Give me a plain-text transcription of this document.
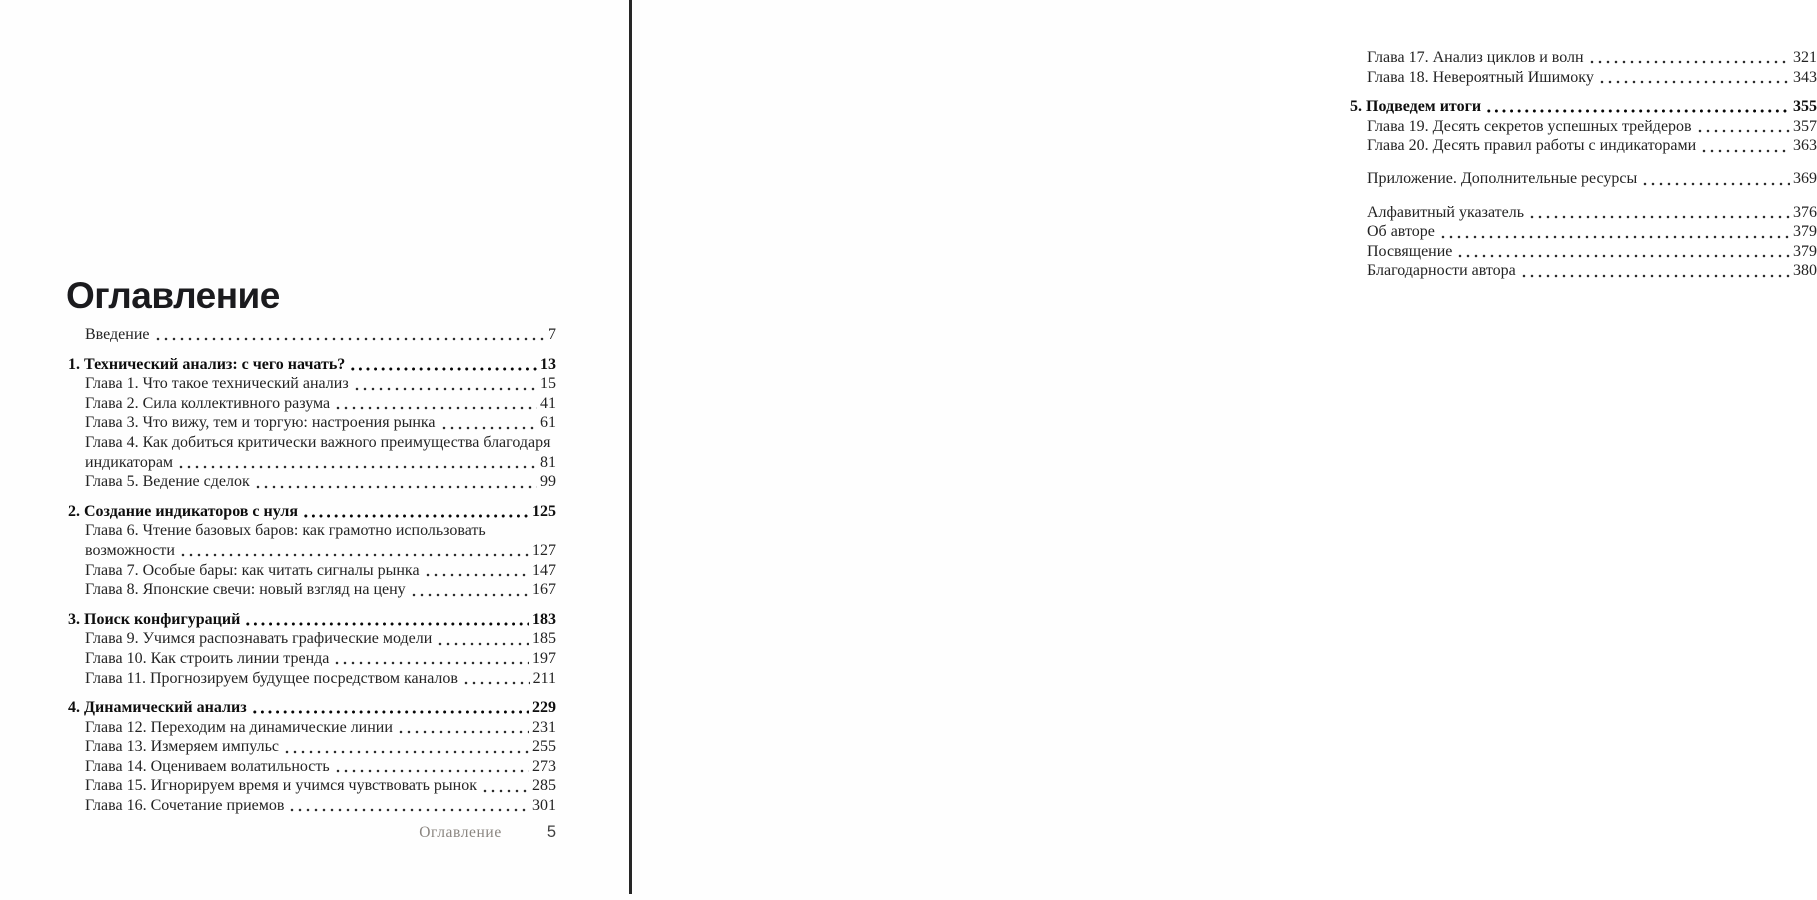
Оглавление
Введение	7
1. Технический анализ: с чего начать?	13
Глава 1. Что такое технический анализ	15
Глава 2. Сила коллективного разума	41
Глава 3. Что вижу, тем и торгую: настроения рынка	61
Глава 4. Как добиться критически важного преимущества благодаря
индикаторам	81
Глава 5. Ведение сделок	99
2. Создание индикаторов с нуля	125
Глава 6. Чтение базовых баров: как грамотно использовать
возможности	127
Глава 7. Особые бары: как читать сигналы рынка	147
Глава 8. Японские свечи: новый взгляд на цену	167
3. Поиск конфигураций	183
Глава 9. Учимся распознавать графические модели	185
Глава 10. Как строить линии тренда	197
Глава 11. Прогнозируем будущее посредством каналов	211
4. Динамический анализ	229
Глава 12. Переходим на динамические линии	231
Глава 13. Измеряем импульс	255
Глава 14. Оцениваем волатильность	273
Глава 15. Игнорируем время и учимся чувствовать рынок	285
Глава 16. Сочетание приемов	301
Оглавление	5
Глава 17. Анализ циклов и волн	321
Глава 18. Невероятный Ишимоку	343
5. Подведем итоги	355
Глава 19. Десять секретов успешных трейдеров	357
Глава 20. Десять правил работы с индикаторами	363
Приложение. Дополнительные ресурсы	369
Алфавитный указатель	376
Об авторе	379
Посвящение	379
Благодарности автора	380
